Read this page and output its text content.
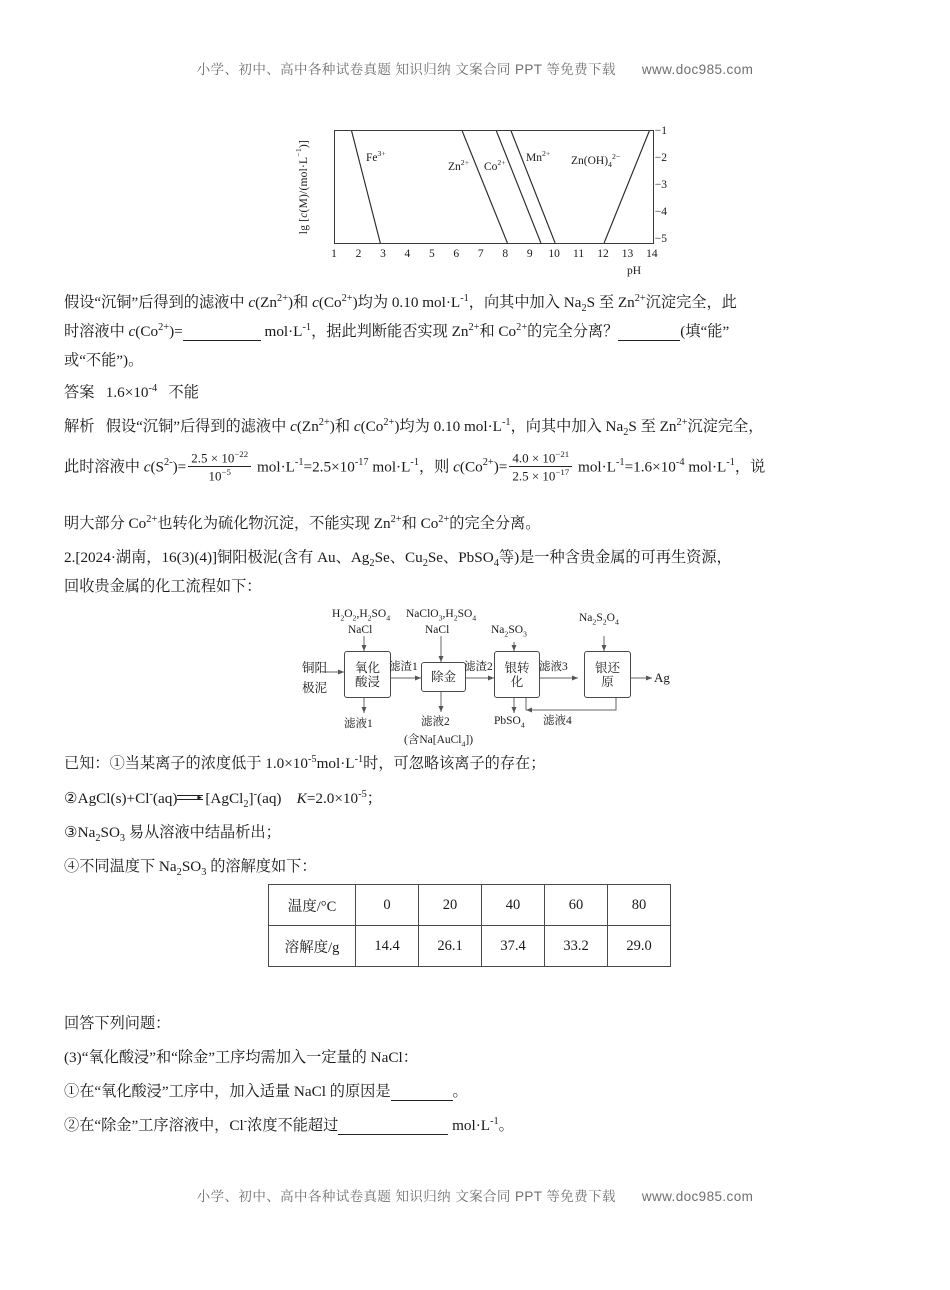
小学、初中、高中各种试卷真题 知识归纳 文案合同 PPT 等免费下载 www.doc985.com
$\lg [c(M)/(mol\cdot L^{-1})]$
−1
−2
−3
−4
−5
$Fe^{3+}$
$Zn^{2+}$ $Co^{2+}$ $Mn^{2+}$
$Zn(OH)_4^{2-}$
1	2	3	4	5	6	7	8	9	10	11	12	13	14
pH
假设“沉铜”后得到的滤液中 $c(Zn^{2+})$和 $c(Co^{2+})$均为 0.10 $mol\cdot L^{-1}$，向其中加入 $Na_2S$ 至 $Zn^{2+}$沉淀完全，此
时溶液中 $c(Co^{2+})=$	$mol\cdot L^{-1}$，据此判断能否实现 $Zn^{2+}$和 $Co^{2+}$的完全分离？	(填“能”
或“不能”)。
答案   $1.6\times 10^{-4}$   不能
解析   假设“沉铜”后得到的滤液中 $c(Zn^{2+})$和 $c(Co^{2+})$均为 0.10 $mol\cdot L^{-1}$，向其中加入 $Na_2S$ 至 $Zn^{2+}$沉淀完全，
此时溶液中 $c(S^{2-})= \frac{2.5 \times 10^{-22}}{10^{-5}} mol\cdot L^{-1}=2.5\times 10^{-17}$ $mol\cdot L^{-1}$，则 $c(Co^{2+})= \frac{4.0 \times 10^{-21}}{2.5 \times 10^{-17}} mol\cdot L^{-1}=1.6\times 10^{-4}$ $mol\cdot L^{-1}$，说
明大部分 $Co^{2+}$也转化为硫化物沉淀，不能实现 $Zn^{2+}$和 $Co^{2+}$的完全分离。
2.[2024·湖南，16(3)(4)]铜阳极泥(含有 Au、$Ag_2Se$、$Cu_2Se$、PbSO$_4$等)是一种含贵金属的可再生资源，
回收贵金属的化工流程如下：
铜阳
极泥
$H_2O_2,H_2SO_4$
NaCl
$NaClO_3,H_2SO_4$
NaCl	$Na_2SO_3$
$Na_2S_2O_4$
氧化
酸浸	除金
银转
化
银还
原
滤渣1	滤渣2	滤液3
滤液1	滤液2
(含Na[AuCl$_4$])
PbSO$_4$ 滤液4
Ag
已知：①当某离子的浓度低于 $1.0\times 10^{-5}mol\cdot L^{-1}$时，可忽略该离子的存在；
②AgCl(s)+Cl-(aq) ▸ [AgCl$_2$]-(aq)    $K=2.0\times 10^{-5}$；
$③Na_2SO_3$ 易从溶液中结晶析出；
④不同温度下 $Na_2SO_3$ 的溶解度如下：
温度/°C	0	20	40	60	80
溶解度/g	14.4	26.1	37.4	33.2	29.0
回答下列问题：
(3)“氧化酸浸”和“除金”工序均需加入一定量的 NaCl：
①在“氧化酸浸”工序中，加入适量 NaCl 的原因是	。
②在“除金”工序溶液中，Cl-浓度不能超过	$mol\cdot L^{-1}$。
小学、初中、高中各种试卷真题 知识归纳 文案合同 PPT 等免费下载 www.doc985.com
